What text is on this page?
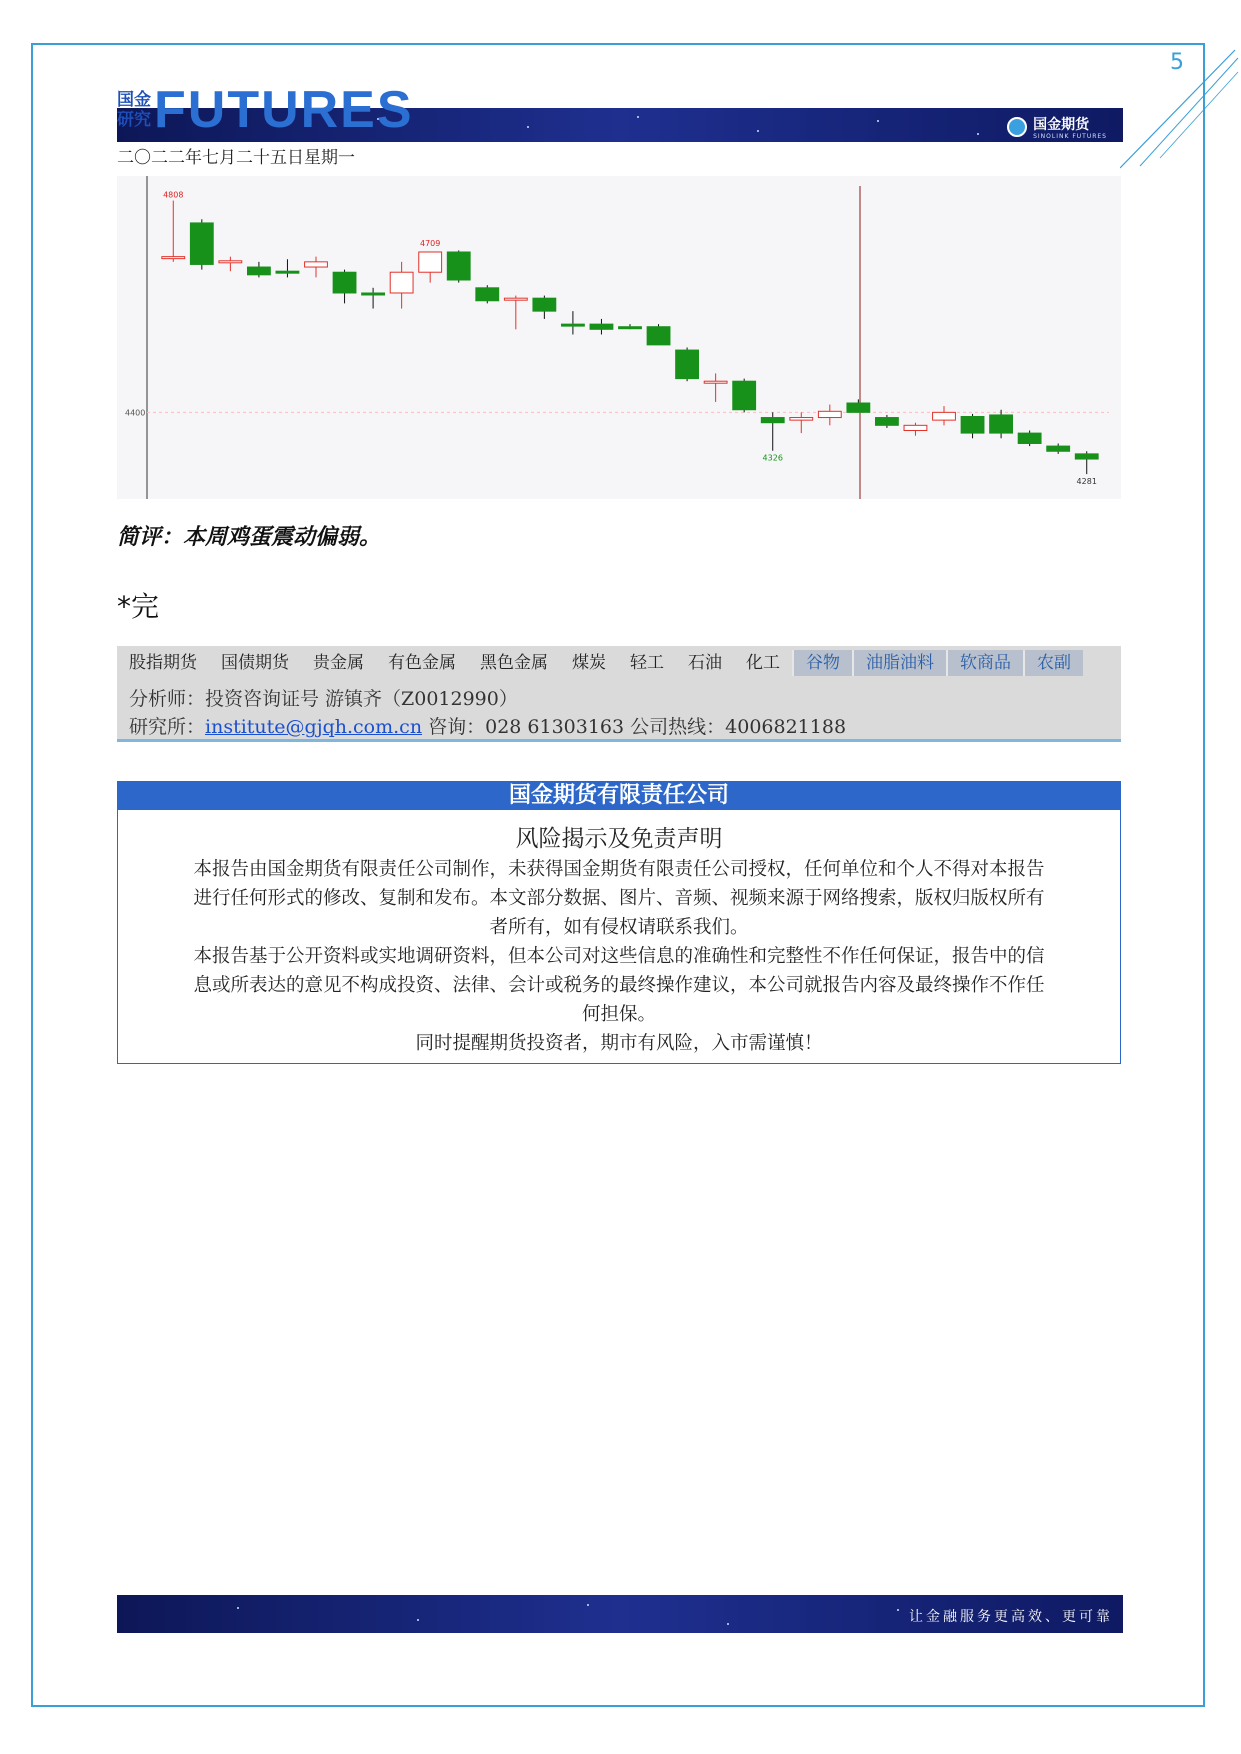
5
国金期货
SINOLINK FUTURES
FUTURES
国金
研究
二〇二二年七月二十五日星期一
4808
4709
4326
4281
4400
简评：本周鸡蛋震动偏弱。
*完
股指期货	国债期货	贵金属	有色金属	黑色金属	煤炭	轻工	石油	化工	谷物	油脂油料	软商品	农副
分析师：投资咨询证号 游镇齐（Z0012990）
研究所：institute@gjqh.com.cn 咨询：028 61303163 公司热线：4006821188
国金期货有限责任公司
风险揭示及免责声明
本报告由国金期货有限责任公司制作，未获得国金期货有限责任公司授权，任何单位和个人不得对本报告
进行任何形式的修改、复制和发布。本文部分数据、图片、音频、视频来源于网络搜索，版权归版权所有
者所有，如有侵权请联系我们。
本报告基于公开资料或实地调研资料，但本公司对这些信息的准确性和完整性不作任何保证，报告中的信
息或所表达的意见不构成投资、法律、会计或税务的最终操作建议，本公司就报告内容及最终操作不作任
何担保。
同时提醒期货投资者，期市有风险，入市需谨慎！
让金融服务更高效、更可靠
